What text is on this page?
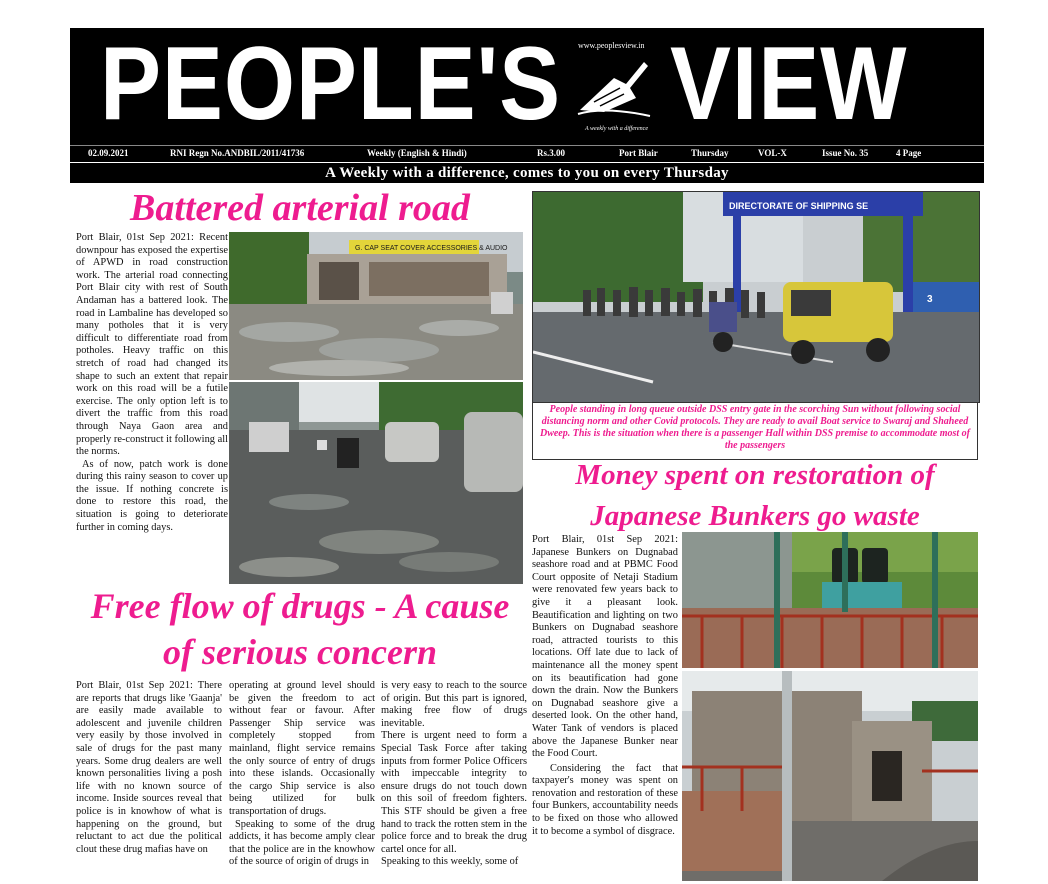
PEOPLE'S www.peoplesview.in
A weekly with a difference VIEW
02.09.2021	RNI Regn No.ANDBIL/2011/41736	Weekly (English & Hindi)	Rs.3.00	Port Blair	Thursday	VOL-X	Issue No. 35	4 Page
A Weekly with a difference, comes to you on every Thursday
Battered arterial road

Port Blair, 01st Sep 2021: Recent downpour has exposed the expertise of APWD in road construction work. The arterial road connecting Port Blair city with rest of South Andaman has a battered look. The road in Lambaline has developed so many potholes that it is very difficult to differentiate road from potholes. Heavy traffic on this stretch of road had changed its shape to such an extent that repair work on this road will be a futile exercise. The only option left is to divert the traffic from this road through Naya Gaon area and properly re-construct it following all the norms.

As of now, patch work is done during this rainy season to cover up the issue. If nothing concrete is done to restore this road, the situation is going to deteriorate further in coming days.

G. CAP SEAT COVER ACCESSORIES & AUDIO
Free flow of drugs - A cause
of serious concern

Port Blair, 01st Sep 2021: There are reports that drugs like 'Gaanja' are easily made available to adolescent and juvenile children very easily by those involved in sale of drugs for the past many years. Some drug dealers are well known personalities living a posh life with no known source of income. Inside sources reveal that police is in knowhow of what is happening on the ground, but reluctant to act due the political clout these drug mafias have on

operating at ground level should be given the freedom to act without fear or favour. After Passenger Ship service was completely stopped from mainland, flight service remains the only source of entry of drugs into these islands. Occasionally the cargo Ship service is also being utilized for bulk transportation of drugs.

Speaking to some of the drug addicts, it has become amply clear that the police are in the knowhow of the source of origin of drugs in

is very easy to reach to the source of origin. But this part is ignored, making free flow of drugs inevitable.

There is urgent need to form a Special Task Force after taking inputs from former Police Officers with impeccable integrity to ensure drugs do not touch down on this soil of freedom fighters. This STF should be given a free hand to track the rotten stem in the police force and to break the drug cartel once for all.

Speaking to this weekly, some of

DIRECTORATE OF SHIPPING SE
3
People standing in long queue outside DSS entry gate in the scorching Sun without following social distancing norm and other Covid protocols. They are ready to avail Boat service to Swaraj and Shaheed Dweep. This is the situation when there is a passenger Hall within DSS premise to accommodate most of the passengers
Money spent on restoration of
Japanese Bunkers go waste

Port Blair, 01st Sep 2021: Japanese Bunkers on Dugnabad seashore road and at PBMC Food Court opposite of Netaji Stadium were renovated few years back to give it a pleasant look. Beautification and lighting on two Bunkers on Dugnabad seashore road, attracted tourists to this locations. Off late due to lack of maintenance all the money spent on its beautification had gone down the drain. Now the Bunkers on Dugnabad seashore give a deserted look. On the other hand, Water Tank of vendors is placed above the Japanese Bunker near the Food Court.

Considering the fact that taxpayer's money was spent on renovation and restoration of these four Bunkers, accountability needs to be fixed on those who allowed it to become a symbol of disgrace.
